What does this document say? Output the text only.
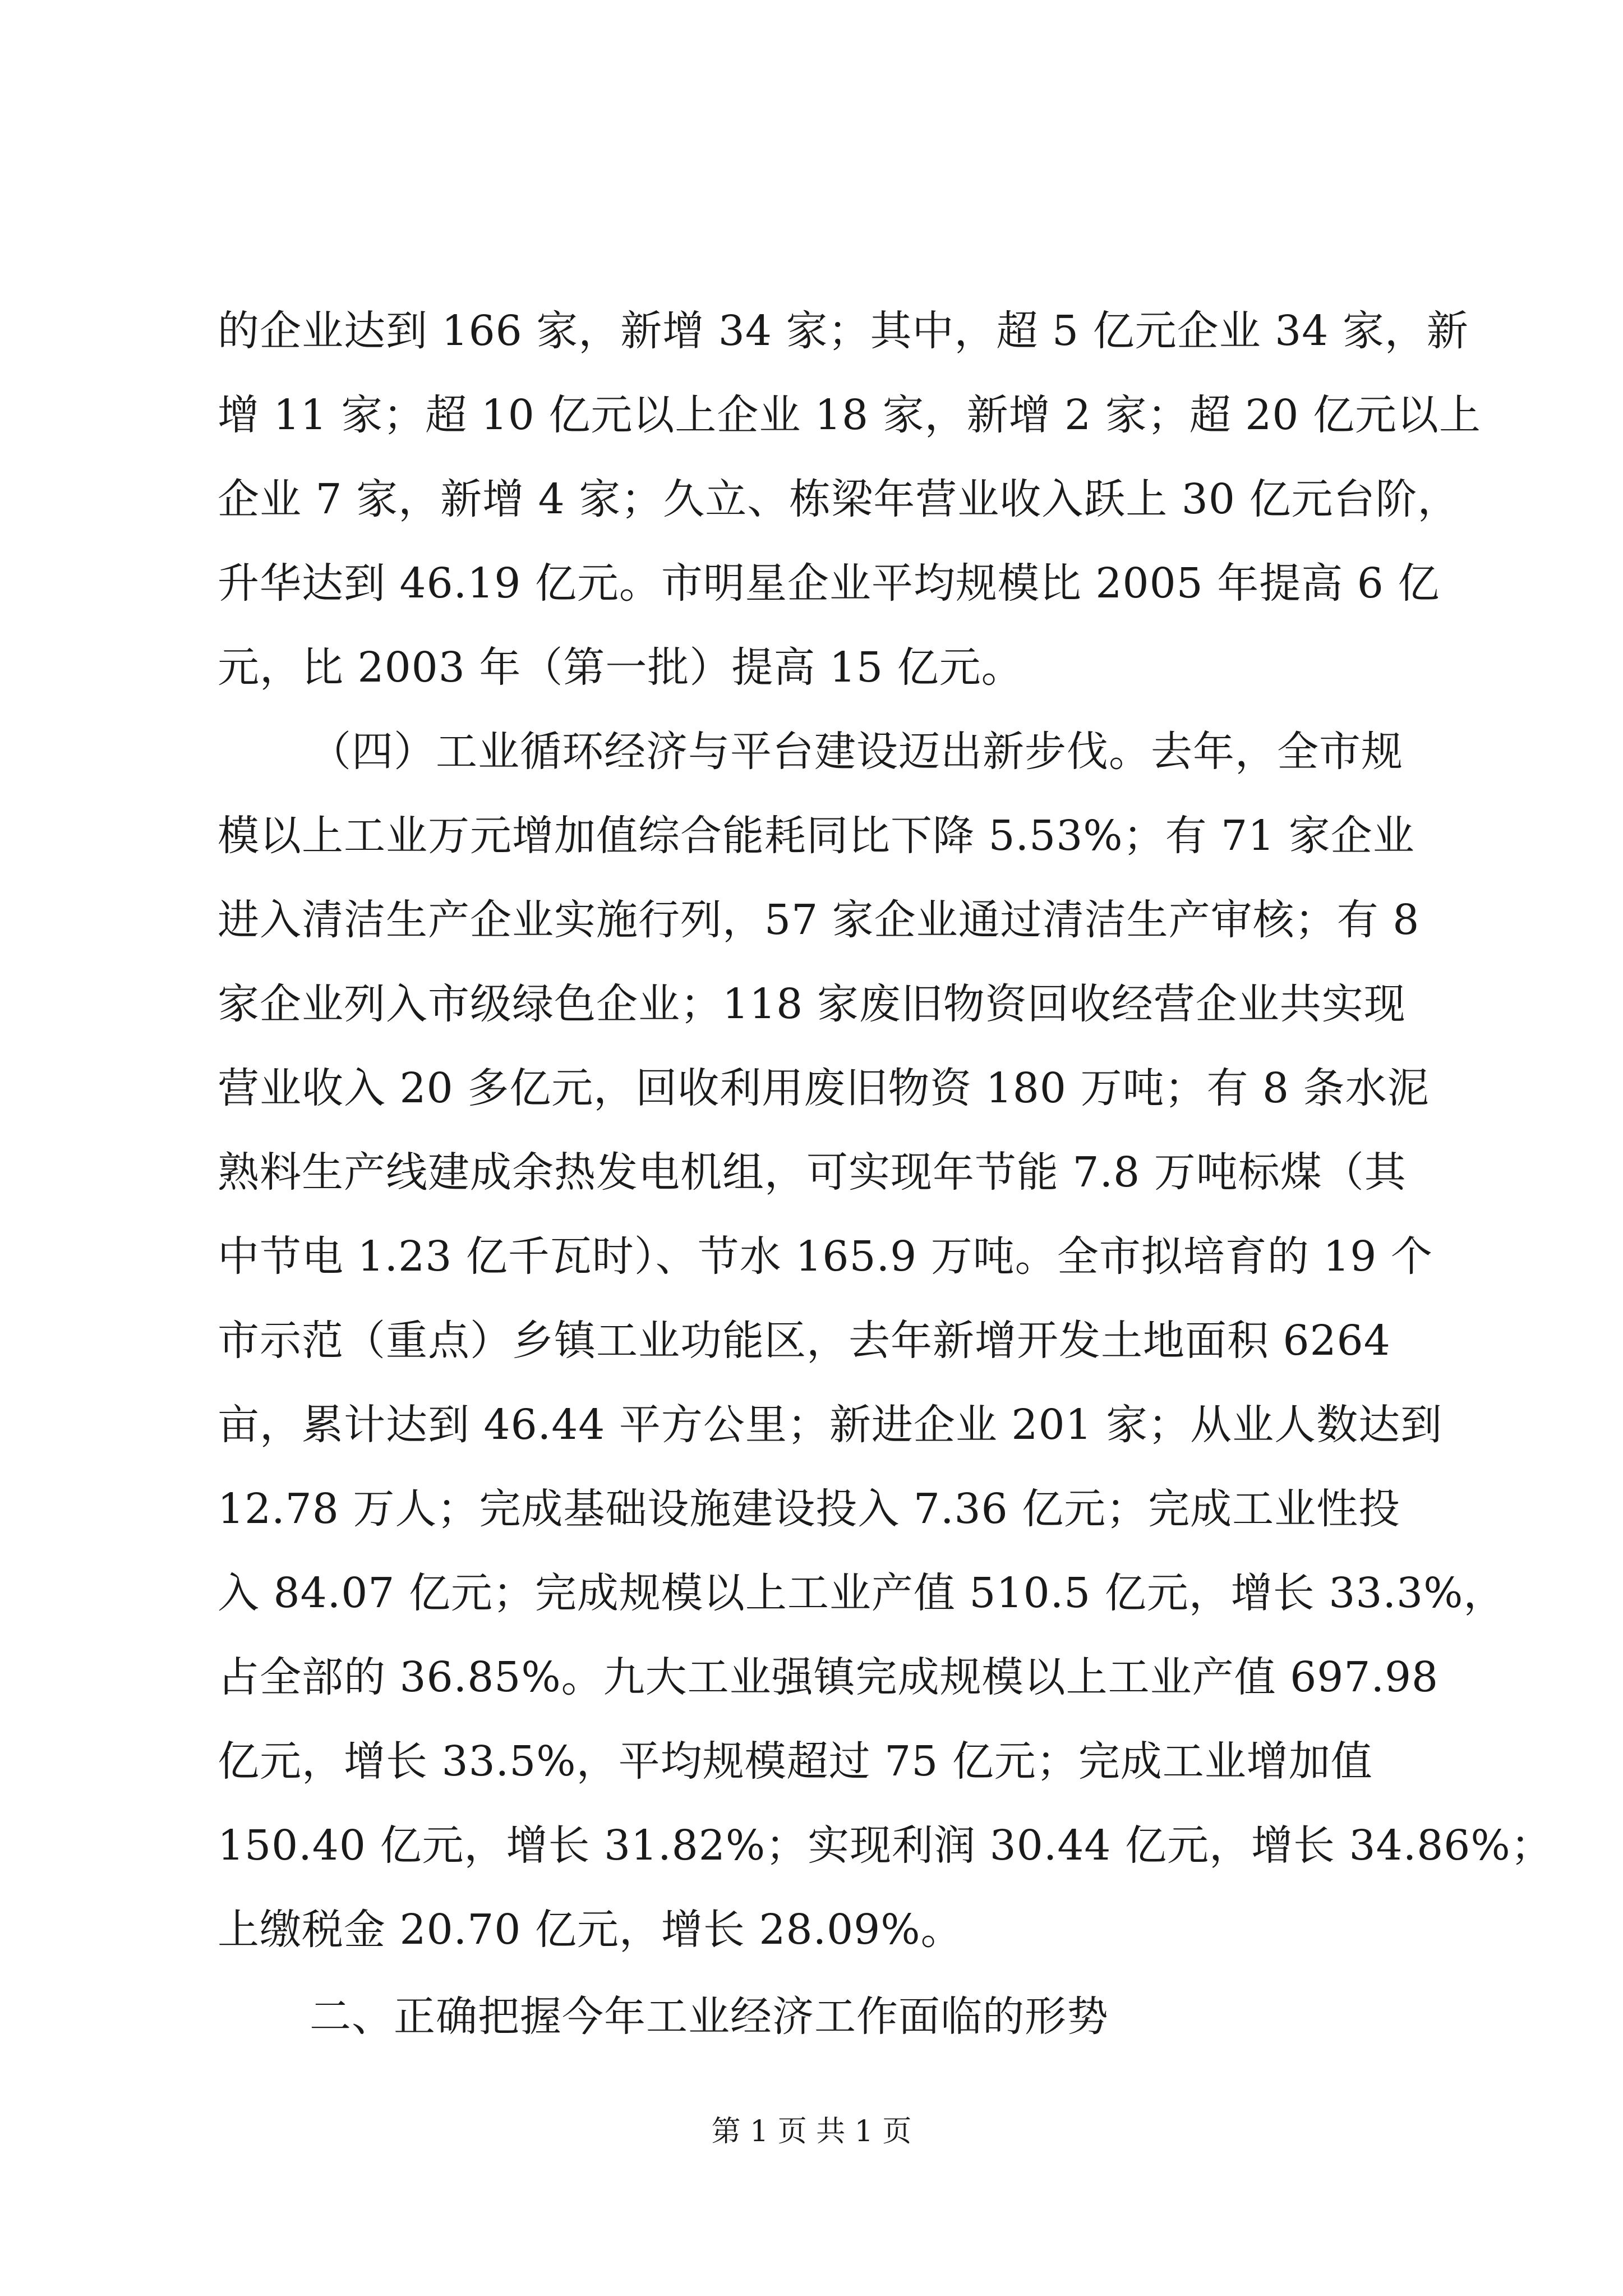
的企业达到 166 家，新增 34 家；其中，超 5 亿元企业 34 家，新
增 11 家；超 10 亿元以上企业 18 家，新增 2 家；超 20 亿元以上
企业 7 家，新增 4 家；久立、栋梁年营业收入跃上 30 亿元台阶，
升华达到 46.19 亿元。市明星企业平均规模比 2005 年提高 6 亿
元，比 2003 年（第一批）提高 15 亿元。
（四）工业循环经济与平台建设迈出新步伐。去年，全市规
模以上工业万元增加值综合能耗同比下降 5.53%；有 71 家企业
进入清洁生产企业实施行列，57 家企业通过清洁生产审核；有 8
家企业列入市级绿色企业；118 家废旧物资回收经营企业共实现
营业收入 20 多亿元，回收利用废旧物资 180 万吨；有 8 条水泥
熟料生产线建成余热发电机组，可实现年节能 7.8 万吨标煤（其
中节电 1.23 亿千瓦时）、节水 165.9 万吨。全市拟培育的 19 个
市示范（重点）乡镇工业功能区，去年新增开发土地面积 6264
亩，累计达到 46.44 平方公里；新进企业 201 家；从业人数达到
12.78 万人；完成基础设施建设投入 7.36 亿元；完成工业性投
入 84.07 亿元；完成规模以上工业产值 510.5 亿元，增长 33.3%，
占全部的 36.85%。九大工业强镇完成规模以上工业产值 697.98
亿元，增长 33.5%，平均规模超过 75 亿元；完成工业增加值
150.40 亿元，增长 31.82%；实现利润 30.44 亿元，增长 34.86%；
上缴税金 20.70 亿元，增长 28.09%。
二、正确把握今年工业经济工作面临的形势
第 1 页 共 1 页
